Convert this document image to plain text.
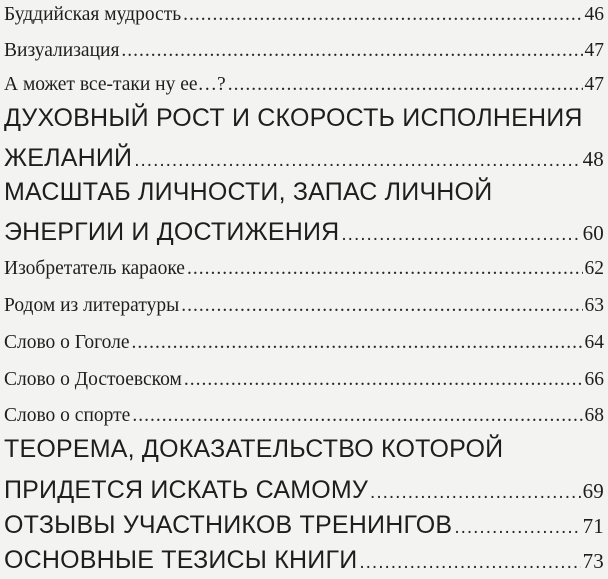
Буддийская мудрость .....	46
Визуализация .....	47
А может все-таки ну ее…? .....	47
ДУХОВНЫЙ РОСТ И СКОРОСТЬ ИСПОЛНЕНИЯ
ЖЕЛАНИЙ .....	48
МАСШТАБ ЛИЧНОСТИ, ЗАПАС ЛИЧНОЙ
ЭНЕРГИИ И ДОСТИЖЕНИЯ .....	60
Изобретатель караоке .....	62
Родом из литературы .....	63
Слово о Гоголе .....	64
Слово о Достоевском .....	66
Слово о спорте .....	68
ТЕОРЕМА, ДОКАЗАТЕЛЬСТВО КОТОРОЙ
ПРИДЕТСЯ ИСКАТЬ САМОМУ .....	69
ОТЗЫВЫ УЧАСТНИКОВ ТРЕНИНГОВ .....	71
ОСНОВНЫЕ ТЕЗИСЫ КНИГИ .....	73
